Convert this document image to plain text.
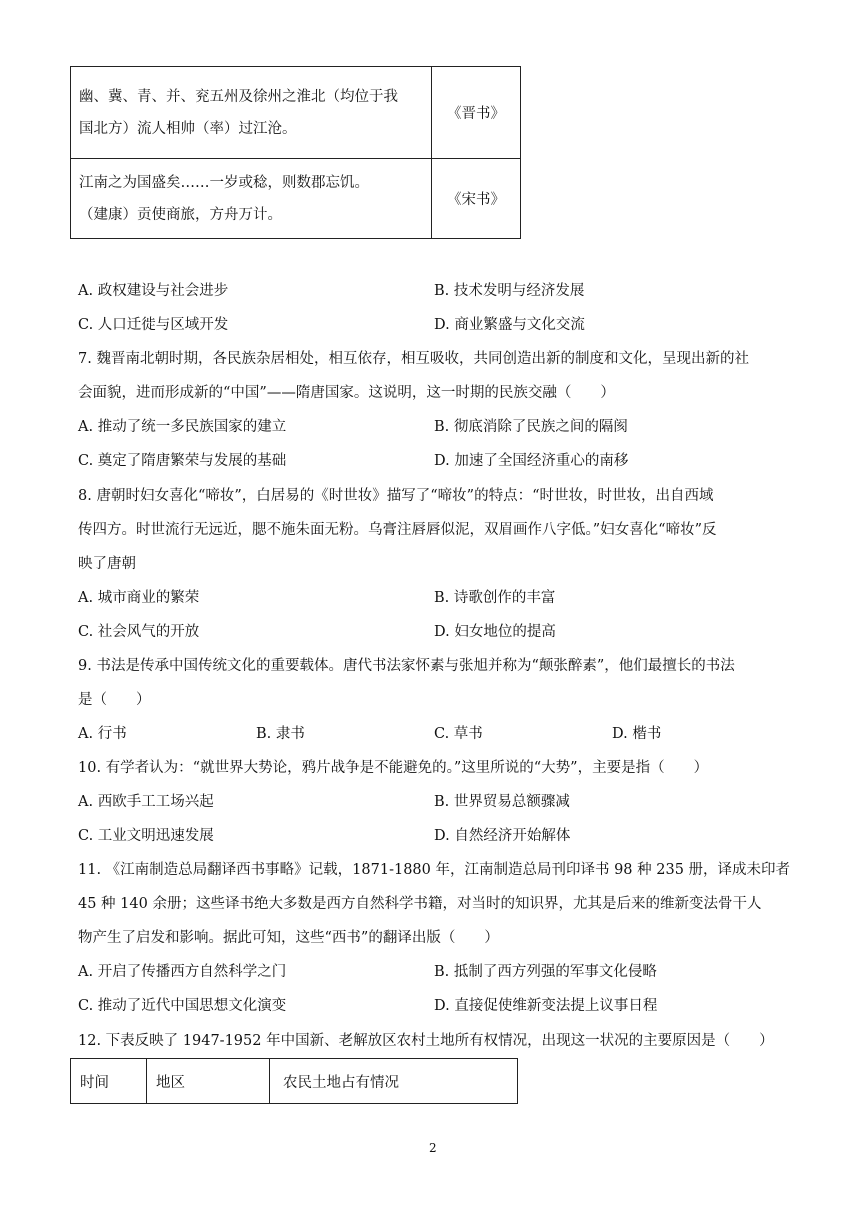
幽、冀、青、并、兖五州及徐州之淮北（均位于我
国北方）流人相帅（率）过江沧。	《晋书》

江南之为国盛矣……一岁或稔，则数郡忘饥。
（建康）贡使商旅，方舟万计。	《宋书》
A. 政权建设与社会进步	B. 技术发明与经济发展
C. 人口迁徙与区域开发	D. 商业繁盛与文化交流
7. 魏晋南北朝时期，各民族杂居相处，相互依存，相互吸收，共同创造出新的制度和文化，呈现出新的社
会面貌，进而形成新的“中国”——隋唐国家。这说明，这一时期的民族交融（　　）
A. 推动了统一多民族国家的建立	B. 彻底消除了民族之间的隔阂
C. 奠定了隋唐繁荣与发展的基础	D. 加速了全国经济重心的南移
8. 唐朝时妇女喜化“啼妆”，白居易的《时世妆》描写了“啼妆”的特点：“时世妆，时世妆，出自西域
传四方。时世流行无远近，腮不施朱面无粉。乌膏注唇唇似泥，双眉画作八字低。”妇女喜化“啼妆”反
映了唐朝
A. 城市商业的繁荣	B. 诗歌创作的丰富
C. 社会风气的开放	D. 妇女地位的提高
9. 书法是传承中国传统文化的重要载体。唐代书法家怀素与张旭并称为“颠张醉素”，他们最擅长的书法
是（　　）
A. 行书	B. 隶书	C. 草书	D. 楷书
10. 有学者认为：“就世界大势论，鸦片战争是不能避免的。”这里所说的“大势”，主要是指（　　）
A. 西欧手工工场兴起	B. 世界贸易总额骤减
C. 工业文明迅速发展	D. 自然经济开始解体
11. 《江南制造总局翻译西书事略》记载，1871-1880 年，江南制造总局刊印译书 98 种 235 册，译成未印者
45 种 140 余册；这些译书绝大多数是西方自然科学书籍，对当时的知识界，尤其是后来的维新变法骨干人
物产生了启发和影响。据此可知，这些“西书”的翻译出版（　　）
A. 开启了传播西方自然科学之门	B. 抵制了西方列强的军事文化侵略
C. 推动了近代中国思想文化演变	D. 直接促使维新变法提上议事日程
12. 下表反映了 1947-1952 年中国新、老解放区农村土地所有权情况，出现这一状况的主要原因是（　　）
时间	地区	农民土地占有情况
2
